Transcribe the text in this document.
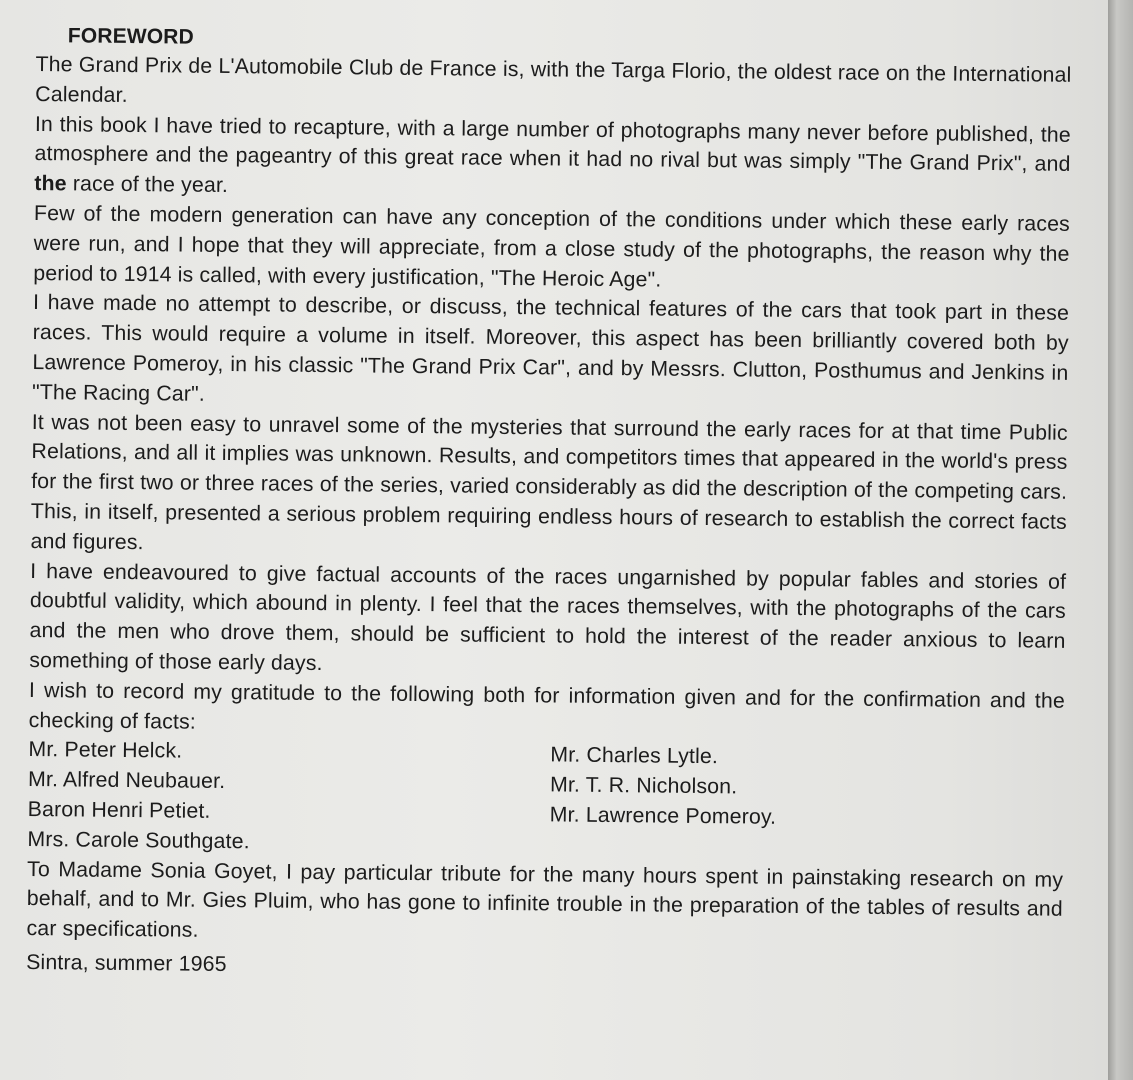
FOREWORD

The Grand Prix de L'Automobile Club de France is, with the Targa Florio, the oldest race on the International Calendar.

In this book I have tried to recapture, with a large number of photographs many never before published, the atmosphere and the pageantry of this great race when it had no rival but was simply "The Grand Prix", and the race of the year.

Few of the modern generation can have any conception of the conditions under which these early races were run, and I hope that they will appreciate, from a close study of the photographs, the reason why the period to 1914 is called, with every justification, "The Heroic Age".

I have made no attempt to describe, or discuss, the technical features of the cars that took part in these races. This would require a volume in itself. Moreover, this aspect has been brilliantly covered both by Lawrence Pomeroy, in his classic "The Grand Prix Car", and by Messrs. Clutton, Posthumus and Jenkins in "The Racing Car".

It was not been easy to unravel some of the mysteries that surround the early races for at that time Public Relations, and all it implies was unknown. Results, and competitors times that appeared in the world's press for the first two or three races of the series, varied considerably as did the description of the competing cars. This, in itself, presented a serious problem requiring endless hours of research to establish the correct facts and figures.

I have endeavoured to give factual accounts of the races ungarnished by popular fables and stories of doubtful validity, which abound in plenty. I feel that the races themselves, with the photographs of the cars and the men who drove them, should be sufficient to hold the interest of the reader anxious to learn something of those early days.

I wish to record my gratitude to the following both for information given and for the confirmation and the checking of facts:

Mr. Peter Helck.	Mr. Charles Lytle.
Mr. Alfred Neubauer.	Mr. T. R. Nicholson.
Baron Henri Petiet.	Mr. Lawrence Pomeroy.
Mrs. Carole Southgate.

To Madame Sonia Goyet, I pay particular tribute for the many hours spent in painstaking research on my behalf, and to Mr. Gies Pluim, who has gone to infinite trouble in the preparation of the tables of results and car specifications.

Sintra, summer 1965
